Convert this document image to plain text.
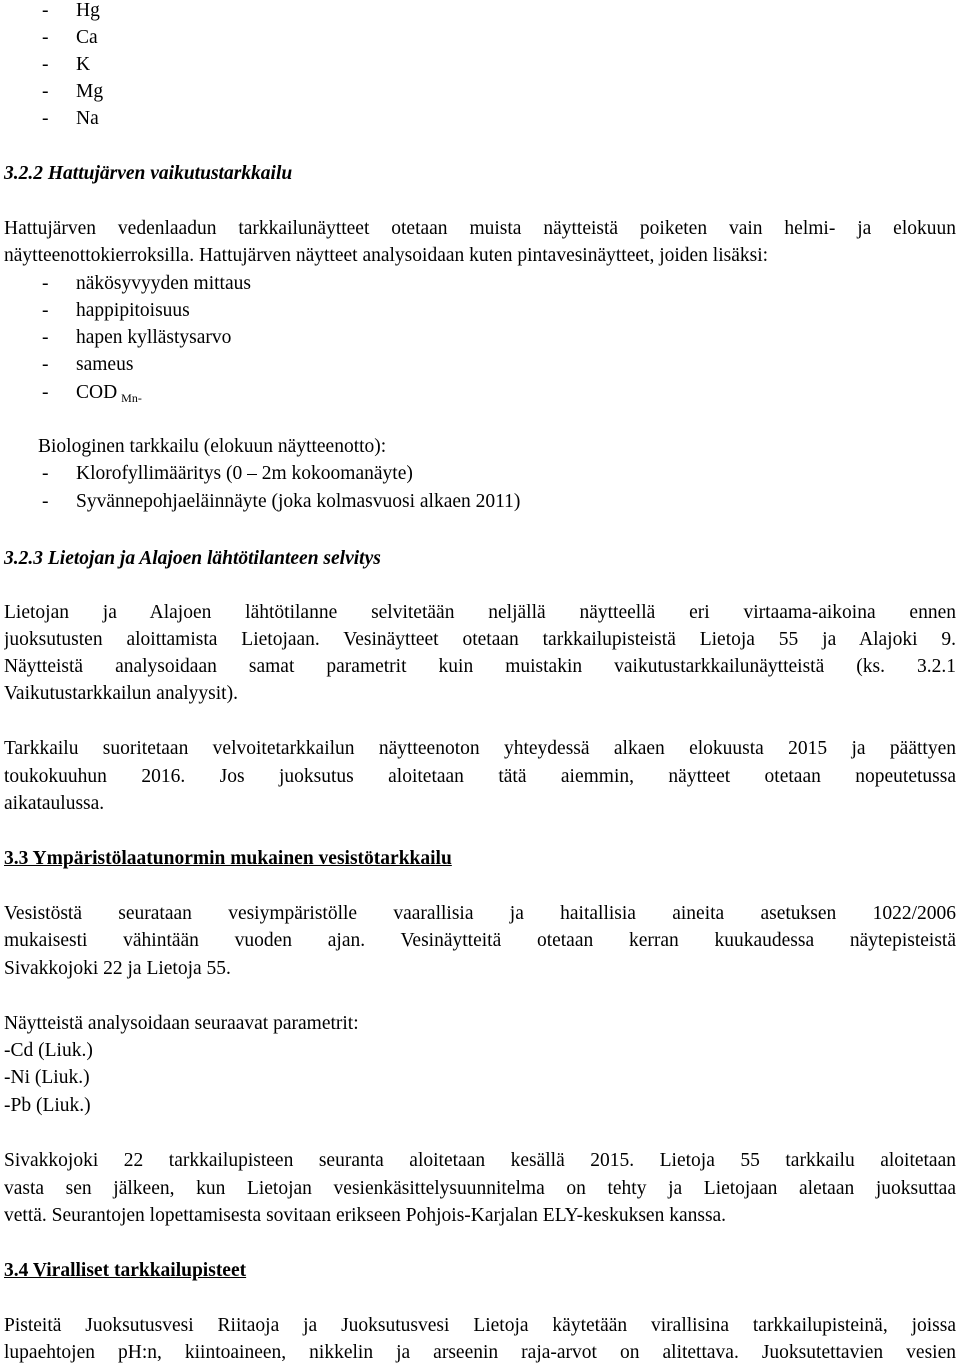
- Hg
- Ca
- K
- Mg
- Na
3.2.2 Hattujärven vaikutustarkkailu
Hattujärven vedenlaadun tarkkailunäytteet otetaan muista näytteistä poiketen vain helmi- ja elokuun
näytteenottokierroksilla. Hattujärven näytteet analysoidaan kuten pintavesinäytteet, joiden lisäksi:
- näkösyvyyden mittaus
- happipitoisuus
- hapen kyllästysarvo
- sameus
- COD $_{Mn-}$
Biologinen tarkkailu (elokuun näytteenotto):
- Klorofyllimääritys (0 – 2m kokoomanäyte)
- Syvännepohjaeläinnäyte (joka kolmasvuosi alkaen 2011)
3.2.3 Lietojan ja Alajoen lähtötilanteen selvitys
Lietojan ja Alajoen lähtötilanne selvitetään neljällä näytteellä eri virtaama-aikoina ennen
juoksutusten aloittamista Lietojaan. Vesinäytteet otetaan tarkkailupisteistä Lietoja 55 ja Alajoki 9.
Näytteistä analysoidaan samat parametrit kuin muistakin vaikutustarkkailunäytteistä (ks. 3.2.1
Vaikutustarkkailun analyysit).
Tarkkailu suoritetaan velvoitetarkkailun näytteenoton yhteydessä alkaen elokuusta 2015 ja päättyen
toukokuuhun 2016. Jos juoksutus aloitetaan tätä aiemmin, näytteet otetaan nopeutetussa
aikataulussa.
3.3 Ympäristölaatunormin mukainen vesistötarkkailu
Vesistöstä seurataan vesiympäristölle vaarallisia ja haitallisia aineita asetuksen 1022/2006
mukaisesti vähintään vuoden ajan. Vesinäytteitä otetaan kerran kuukaudessa näytepisteistä
Sivakkojoki 22 ja Lietoja 55.
Näytteistä analysoidaan seuraavat parametrit:
-Cd (Liuk.)
-Ni (Liuk.)
-Pb (Liuk.)
Sivakkojoki 22 tarkkailupisteen seuranta aloitetaan kesällä 2015. Lietoja 55 tarkkailu aloitetaan
vasta sen jälkeen, kun Lietojan vesienkäsittelysuunnitelma on tehty ja Lietojaan aletaan juoksuttaa
vettä. Seurantojen lopettamisesta sovitaan erikseen Pohjois-Karjalan ELY-keskuksen kanssa.
3.4 Viralliset tarkkailupisteet
Pisteitä Juoksutusvesi Riitaoja ja Juoksutusvesi Lietoja käytetään virallisina tarkkailupisteinä, joissa
lupaehtojen pH:n, kiintoaineen, nikkelin ja arseenin raja-arvot on alitettava. Juoksutettavien vesien
